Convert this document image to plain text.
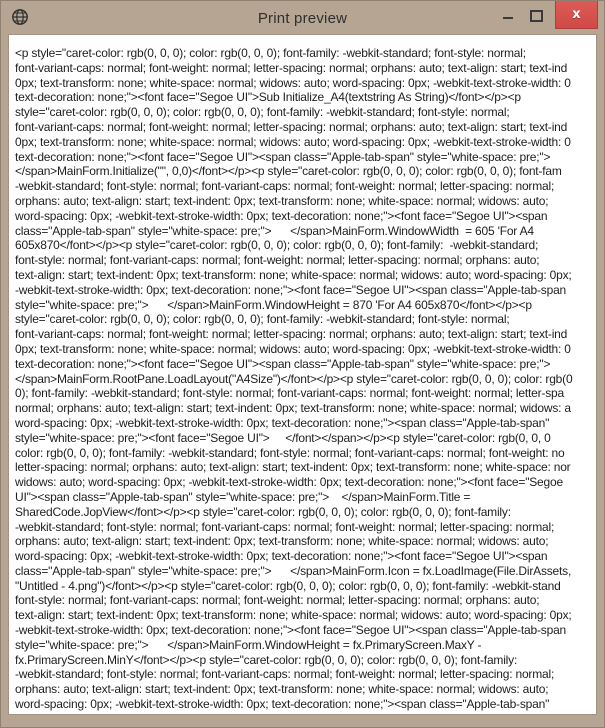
Print preview	x
<p style="caret-color: rgb(0, 0, 0); color: rgb(0, 0, 0); font-family: -webkit-standard; font-style: normal;
font-variant-caps: normal; font-weight: normal; letter-spacing: normal; orphans: auto; text-align: start; text-ind
0px; text-transform: none; white-space: normal; widows: auto; word-spacing: 0px; -webkit-text-stroke-width: 0
text-decoration: none;"><font face="Segoe UI">Sub Initialize_A4(textstring As String)</font></p><p
style="caret-color: rgb(0, 0, 0); color: rgb(0, 0, 0); font-family: -webkit-standard; font-style: normal;
font-variant-caps: normal; font-weight: normal; letter-spacing: normal; orphans: auto; text-align: start; text-ind
0px; text-transform: none; white-space: normal; widows: auto; word-spacing: 0px; -webkit-text-stroke-width: 0
text-decoration: none;"><font face="Segoe UI"><span class="Apple-tab-span" style="white-space: pre;">
</span>MainForm.Initialize("", 0,0)</font></p><p style="caret-color: rgb(0, 0, 0); color: rgb(0, 0, 0); font-fam
-webkit-standard; font-style: normal; font-variant-caps: normal; font-weight: normal; letter-spacing: normal;
orphans: auto; text-align: start; text-indent: 0px; text-transform: none; white-space: normal; widows: auto;
word-spacing: 0px; -webkit-text-stroke-width: 0px; text-decoration: none;"><font face="Segoe UI"><span
class="Apple-tab-span" style="white-space: pre;">      </span>MainForm.WindowWidth  = 605 'For A4
605x870</font></p><p style="caret-color: rgb(0, 0, 0); color: rgb(0, 0, 0); font-family:  -webkit-standard;
font-style: normal; font-variant-caps: normal; font-weight: normal; letter-spacing: normal; orphans: auto;
text-align: start; text-indent: 0px; text-transform: none; white-space: normal; widows: auto; word-spacing: 0px;
-webkit-text-stroke-width: 0px; text-decoration: none;"><font face="Segoe UI"><span class="Apple-tab-span
style="white-space: pre;">      </span>MainForm.WindowHeight = 870 'For A4 605x870</font></p><p
style="caret-color: rgb(0, 0, 0); color: rgb(0, 0, 0); font-family: -webkit-standard; font-style: normal;
font-variant-caps: normal; font-weight: normal; letter-spacing: normal; orphans: auto; text-align: start; text-ind
0px; text-transform: none; white-space: normal; widows: auto; word-spacing: 0px; -webkit-text-stroke-width: 0
text-decoration: none;"><font face="Segoe UI"><span class="Apple-tab-span" style="white-space: pre;">
</span>MainForm.RootPane.LoadLayout("A4Size")</font></p><p style="caret-color: rgb(0, 0, 0); color: rgb(0
0); font-family: -webkit-standard; font-style: normal; font-variant-caps: normal; font-weight: normal; letter-spa
normal; orphans: auto; text-align: start; text-indent: 0px; text-transform: none; white-space: normal; widows: a
word-spacing: 0px; -webkit-text-stroke-width: 0px; text-decoration: none;"><span class="Apple-tab-span"
style="white-space: pre;"><font face="Segoe UI">     </font></span></p><p style="caret-color: rgb(0, 0, 0
color: rgb(0, 0, 0); font-family: -webkit-standard; font-style: normal; font-variant-caps: normal; font-weight: no
letter-spacing: normal; orphans: auto; text-align: start; text-indent: 0px; text-transform: none; white-space: nor
widows: auto; word-spacing: 0px; -webkit-text-stroke-width: 0px; text-decoration: none;"><font face="Segoe
UI"><span class="Apple-tab-span" style="white-space: pre;">    </span>MainForm.Title =
SharedCode.JopView</font></p><p style="caret-color: rgb(0, 0, 0); color: rgb(0, 0, 0); font-family:
-webkit-standard; font-style: normal; font-variant-caps: normal; font-weight: normal; letter-spacing: normal;
orphans: auto; text-align: start; text-indent: 0px; text-transform: none; white-space: normal; widows: auto;
word-spacing: 0px; -webkit-text-stroke-width: 0px; text-decoration: none;"><font face="Segoe UI"><span
class="Apple-tab-span" style="white-space: pre;">      </span>MainForm.Icon = fx.LoadImage(File.DirAssets,
"Untitled - 4.png")</font></p><p style="caret-color: rgb(0, 0, 0); color: rgb(0, 0, 0); font-family: -webkit-stand
font-style: normal; font-variant-caps: normal; font-weight: normal; letter-spacing: normal; orphans: auto;
text-align: start; text-indent: 0px; text-transform: none; white-space: normal; widows: auto; word-spacing: 0px;
-webkit-text-stroke-width: 0px; text-decoration: none;"><font face="Segoe UI"><span class="Apple-tab-span
style="white-space: pre;">      </span>MainForm.WindowHeight = fx.PrimaryScreen.MaxY -
fx.PrimaryScreen.MinY</font></p><p style="caret-color: rgb(0, 0, 0); color: rgb(0, 0, 0); font-family:
-webkit-standard; font-style: normal; font-variant-caps: normal; font-weight: normal; letter-spacing: normal;
orphans: auto; text-align: start; text-indent: 0px; text-transform: none; white-space: normal; widows: auto;
word-spacing: 0px; -webkit-text-stroke-width: 0px; text-decoration: none;"><span class="Apple-tab-span"
